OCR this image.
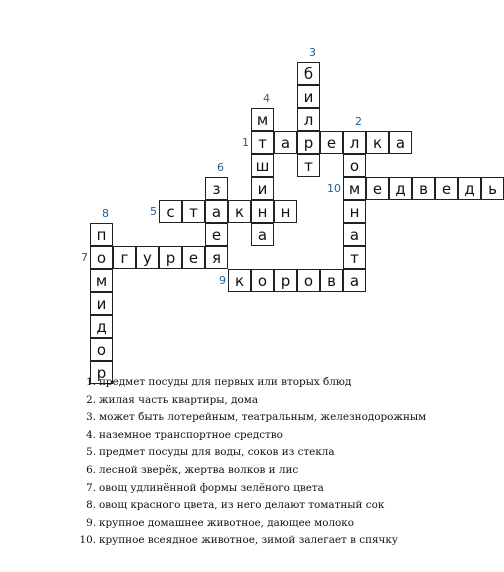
т а р е л к а
1
о
м
н
а
т
а
2
б
и
л
т
3
м
ш
и
н
а
4
с т а к	н
5
з
е
я
6
о г у р е
7
п
м
и
д
о
р
8
к о р о в
9
е д в е д ь
10
1. предмет посуды для первых или вторых блюд
2. жилая часть квартиры, дома
3. может быть лотерейным, театральным, железнодорожным
4. наземное транспортное средство
5. предмет посуды для воды, соков из стекла
6. лесной зверёк, жертва волков и лис
7. овощ удлинённой формы зелёного цвета
8. овощ красного цвета, из него делают томатный сок
9. крупное домашнее животное, дающее молоко
10. крупное всеядное животное, зимой залегает в спячку
